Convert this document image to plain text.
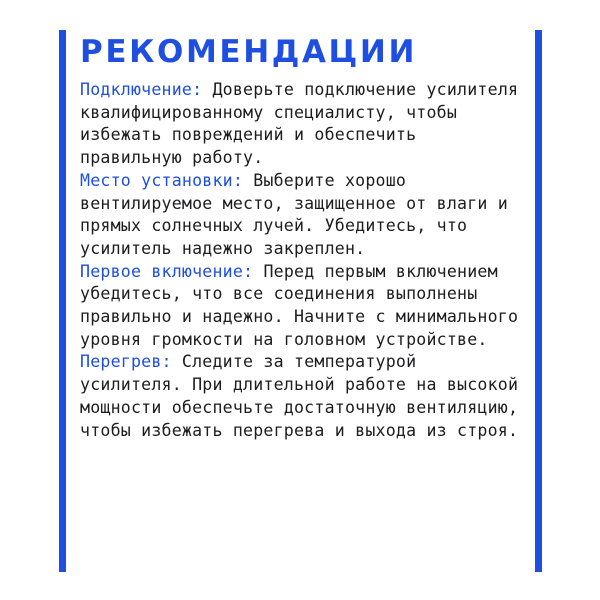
РЕКОМЕНДАЦИИ

Подключение: Доверьте подключение усилителя квалифицированному специалисту, чтобы избежать повреждений и обеспечить правильную работу.

Место установки: Выберите хорошо вентилируемое место, защищенное от влаги и прямых солнечных лучей. Убедитесь, что усилитель надежно закреплен.

Первое включение: Перед первым включением убедитесь, что все соединения выполнены правильно и надежно. Начните с минимального уровня громкости на головном устройстве.

Перегрев: Следите за температурой усилителя. При длительной работе на высокой мощности обеспечьте достаточную вентиляцию, чтобы избежать перегрева и выхода из строя.
